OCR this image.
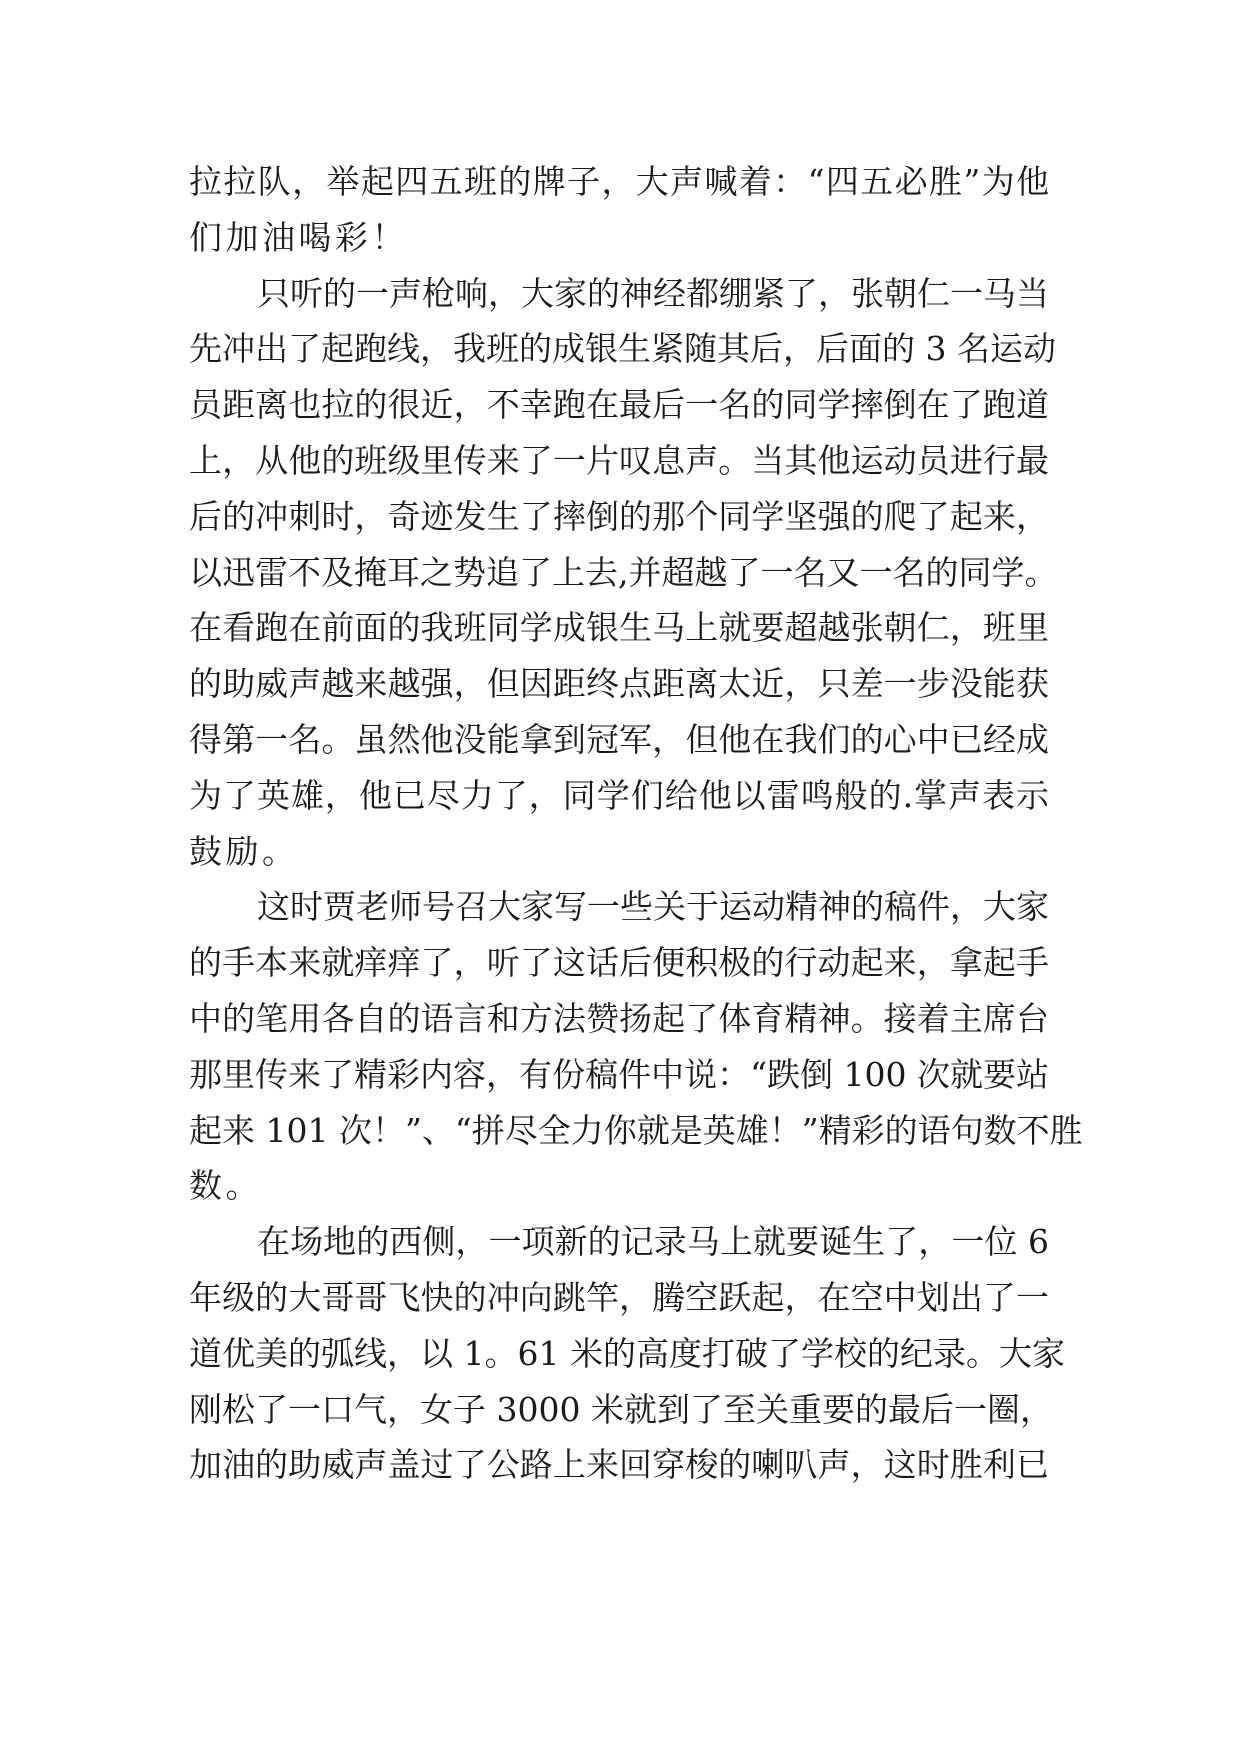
拉拉队，举起四五班的牌子，大声喊着：“四五必胜”为他
们加油喝彩！
只听的一声枪响，大家的神经都绷紧了，张朝仁一马当
先冲出了起跑线，我班的成银生紧随其后，后面的 3 名运动
员距离也拉的很近，不幸跑在最后一名的同学摔倒在了跑道
上，从他的班级里传来了一片叹息声。当其他运动员进行最
后的冲刺时，奇迹发生了摔倒的那个同学坚强的爬了起来，
以迅雷不及掩耳之势追了上去,并超越了一名又一名的同学。
在看跑在前面的我班同学成银生马上就要超越张朝仁，班里
的助威声越来越强，但因距终点距离太近，只差一步没能获
得第一名。虽然他没能拿到冠军，但他在我们的心中已经成
为了英雄，他已尽力了，同学们给他以雷鸣般的.掌声表示
鼓励。
这时贾老师号召大家写一些关于运动精神的稿件，大家
的手本来就痒痒了，听了这话后便积极的行动起来，拿起手
中的笔用各自的语言和方法赞扬起了体育精神。接着主席台
那里传来了精彩内容，有份稿件中说：“跌倒 100 次就要站
起来 101 次！”、“拼尽全力你就是英雄！”精彩的语句数不胜
数。
在场地的西侧，一项新的记录马上就要诞生了，一位 6
年级的大哥哥飞快的冲向跳竿，腾空跃起，在空中划出了一
道优美的弧线，以 1。61 米的高度打破了学校的纪录。大家
刚松了一口气，女子 3000 米就到了至关重要的最后一圈，
加油的助威声盖过了公路上来回穿梭的喇叭声，这时胜利已
